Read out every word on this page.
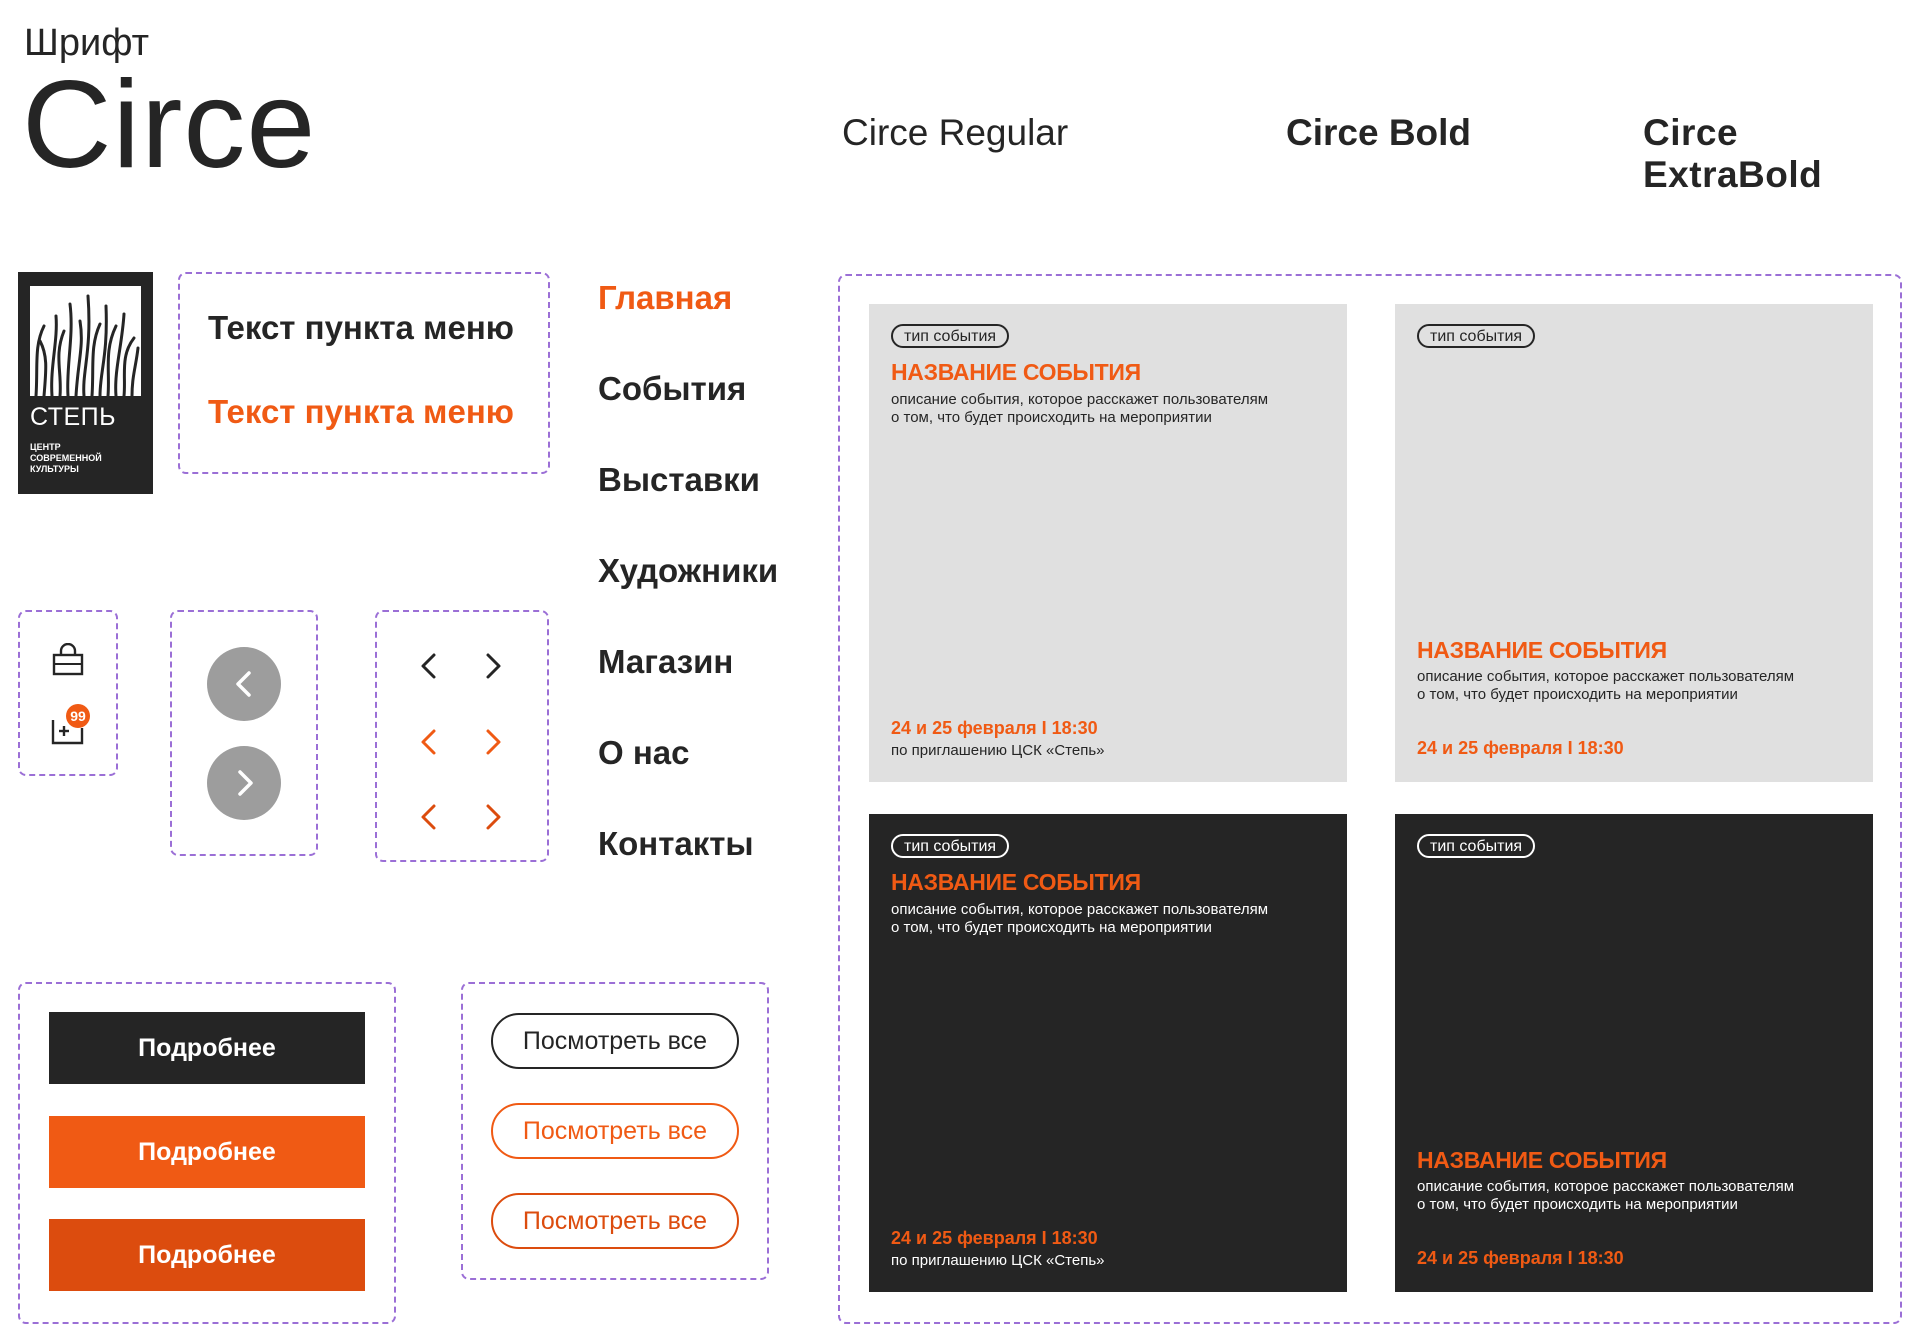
Шрифт
Circe	Circe Regular	Circe Bold	Circe ExtraBold
СТЕПЬ
ЦЕНТР
СОВРЕМЕННОЙ
КУЛЬТУРЫ
Текст пункта меню
Текст пункта меню
Главная
События
Выставки
Художники
Магазин
О нас
Контакты
99
Подробнее
Подробнее
Подробнее
Посмотреть все
Посмотреть все
Посмотреть все
тип события
НАЗВАНИЕ СОБЫТИЯ
описание события, которое расскажет пользователям о том, что будет происходить на мероприятии
24 и 25 февраля I 18:30
по приглашению ЦСК «Степь»
тип события
НАЗВАНИЕ СОБЫТИЯ
описание события, которое расскажет пользователям о том, что будет происходить на мероприятии
24 и 25 февраля I 18:30
тип события
НАЗВАНИЕ СОБЫТИЯ
описание события, которое расскажет пользователям о том, что будет происходить на мероприятии
24 и 25 февраля I 18:30
по приглашению ЦСК «Степь»
тип события
НАЗВАНИЕ СОБЫТИЯ
описание события, которое расскажет пользователям о том, что будет происходить на мероприятии
24 и 25 февраля I 18:30
